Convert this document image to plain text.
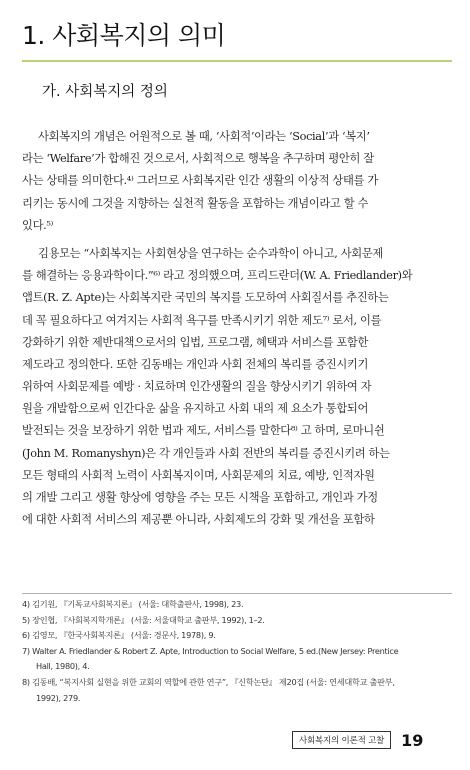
1. 사회복지의 의미
가. 사회복지의 정의
사회복지의 개념은 어원적으로 볼 때, ‘사회적’이라는 ‘Social’과 ‘복지’
라는 ‘Welfare’가 합해진 것으로서, 사회적으로 행복을 추구하며 평안히 잘
사는 상태를 의미한다.⁴⁾ 그러므로 사회복지란 인간 생활의 이상적 상태를 가
리키는 동시에 그것을 지향하는 실천적 활동을 포함하는 개념이라고 할 수
있다.⁵⁾
김용모는 “사회복지는 사회현상을 연구하는 순수과학이 아니고, 사회문제
를 해결하는 응용과학이다.”⁶⁾ 라고 정의했으며, 프리드란더(W. A. Friedlander)와
앱트(R. Z. Apte)는 사회복지란 국민의 복지를 도모하여 사회질서를 추진하는
데 꼭 필요하다고 여겨지는 사회적 욕구를 만족시키기 위한 제도⁷⁾ 로서, 이를
강화하기 위한 제반대책으로서의 입법, 프로그램, 혜택과 서비스를 포함한
제도라고 정의한다. 또한 김동배는 개인과 사회 전체의 복리를 증진시키기
위하여 사회문제를 예방 · 치료하며 인간생활의 질을 향상시키기 위하여 자
원을 개발함으로써 인간다운 삶을 유지하고 사회 내의 제 요소가 통합되어
발전되는 것을 보장하기 위한 법과 제도, 서비스를 말한다⁸⁾ 고 하며, 로마니쉰
(John M. Romanyshyn)은 각 개인들과 사회 전반의 복리를 증진시키려 하는
모든 형태의 사회적 노력이 사회복지이며, 사회문제의 치료, 예방, 인적자원
의 개발 그리고 생활 향상에 영향을 주는 모든 시책을 포함하고, 개인과 가정
에 대한 사회적 서비스의 제공뿐 아니라, 사회제도의 강화 및 개선을 포함하
4) 김기원, 『기독교사회복지론』 (서울: 대학출판사, 1998), 23.
5) 장인협, 『사회복지학개론』 (서울: 서울대학교 출판부, 1992), 1–2.
6) 김영모, 『한국사회복지론』 (서울: 경문사, 1978), 9.
7) Walter A. Friedlander & Robert Z. Apte, Introduction to Social Welfare, 5 ed.(New Jersey: Prentice
Hall, 1980), 4.
8) 김동배, “복지사회 실현을 위한 교회의 역할에 관한 연구”, 『신학논단』 제20집 (서울: 연세대학교 출판부,
1992), 279.
사회복지의 이론적 고찰	19
